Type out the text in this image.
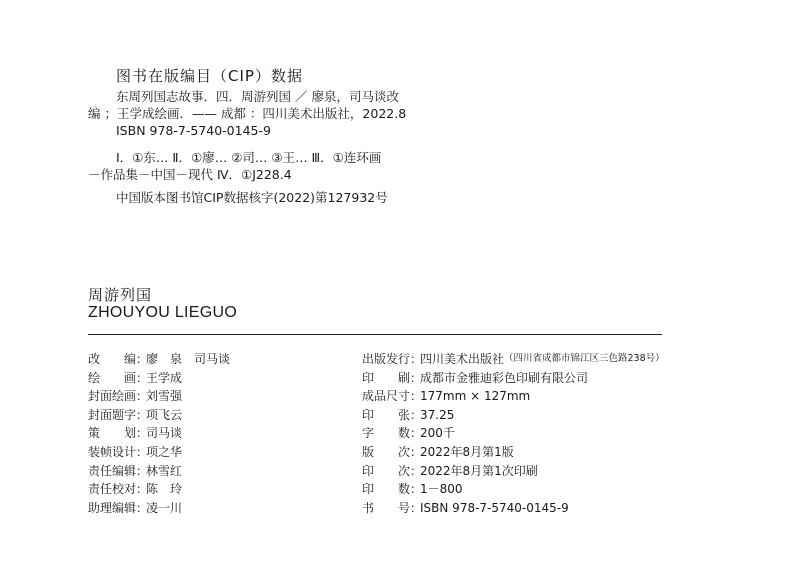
图书在版编目（CIP）数据
东周列国志故事．四．周游列国 ／ 廖泉，司马谈改
编 ；王学成绘画．—— 成都 ：四川美术出版社，2022.8
ISBN 978-7-5740-0145-9
Ⅰ．①东… Ⅱ．①廖… ②司… ③王… Ⅲ．①连环画
－作品集－中国－现代 Ⅳ．①J228.4
中国版本图书馆CIP数据核字(2022)第127932号
周游列国
ZHOUYOU LIEGUO
改　　编：
廖　泉　司马谈
绘　　画：
王学成
封面绘画：
刘雪强
封面题字：
项飞云
策　　划：
司马谈
装帧设计：
项之华
责任编辑：
林雪红
责任校对：
陈　玲
助理编辑：
凌一川
出版发行：
四川美术出版社 （四川省成都市锦江区三色路238号）
印　　刷：
成都市金雅迪彩色印刷有限公司
成品尺寸：
177mm × 127mm
印　　张：
37.25
字　　数：
200千
版　　次：
2022年8月第1版
印　　次：
2022年8月第1次印刷
印　　数：
1－800
书　　号：
ISBN 978-7-5740-0145-9
